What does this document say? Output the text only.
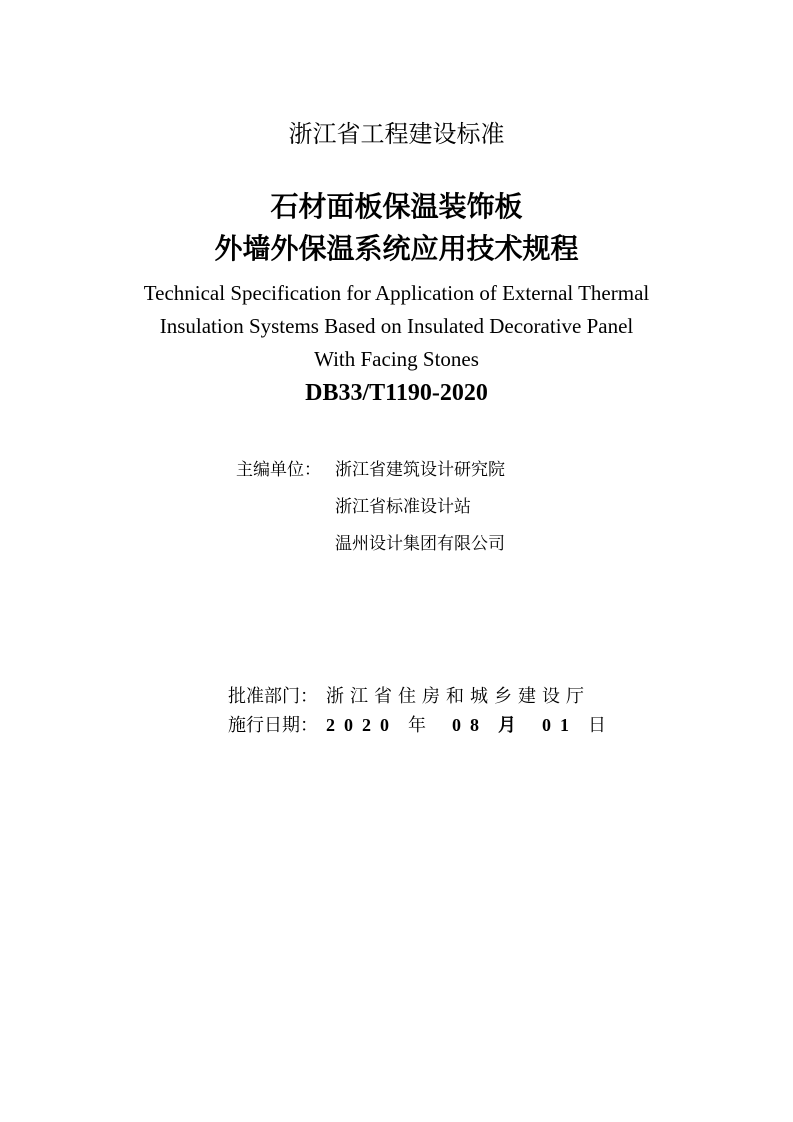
浙江省工程建设标准
石材面板保温装饰板
外墙外保温系统应用技术规程
Technical Specification for Application of External Thermal
Insulation Systems Based on Insulated Decorative Panel
With Facing Stones
DB33/T1190-2020
主编单位： 浙江省建筑设计研究院
浙江省标准设计站
温州设计集团有限公司
批准部门： 浙江省住房和城乡建设厅
施行日期： 2020 年 08 月 01 日
